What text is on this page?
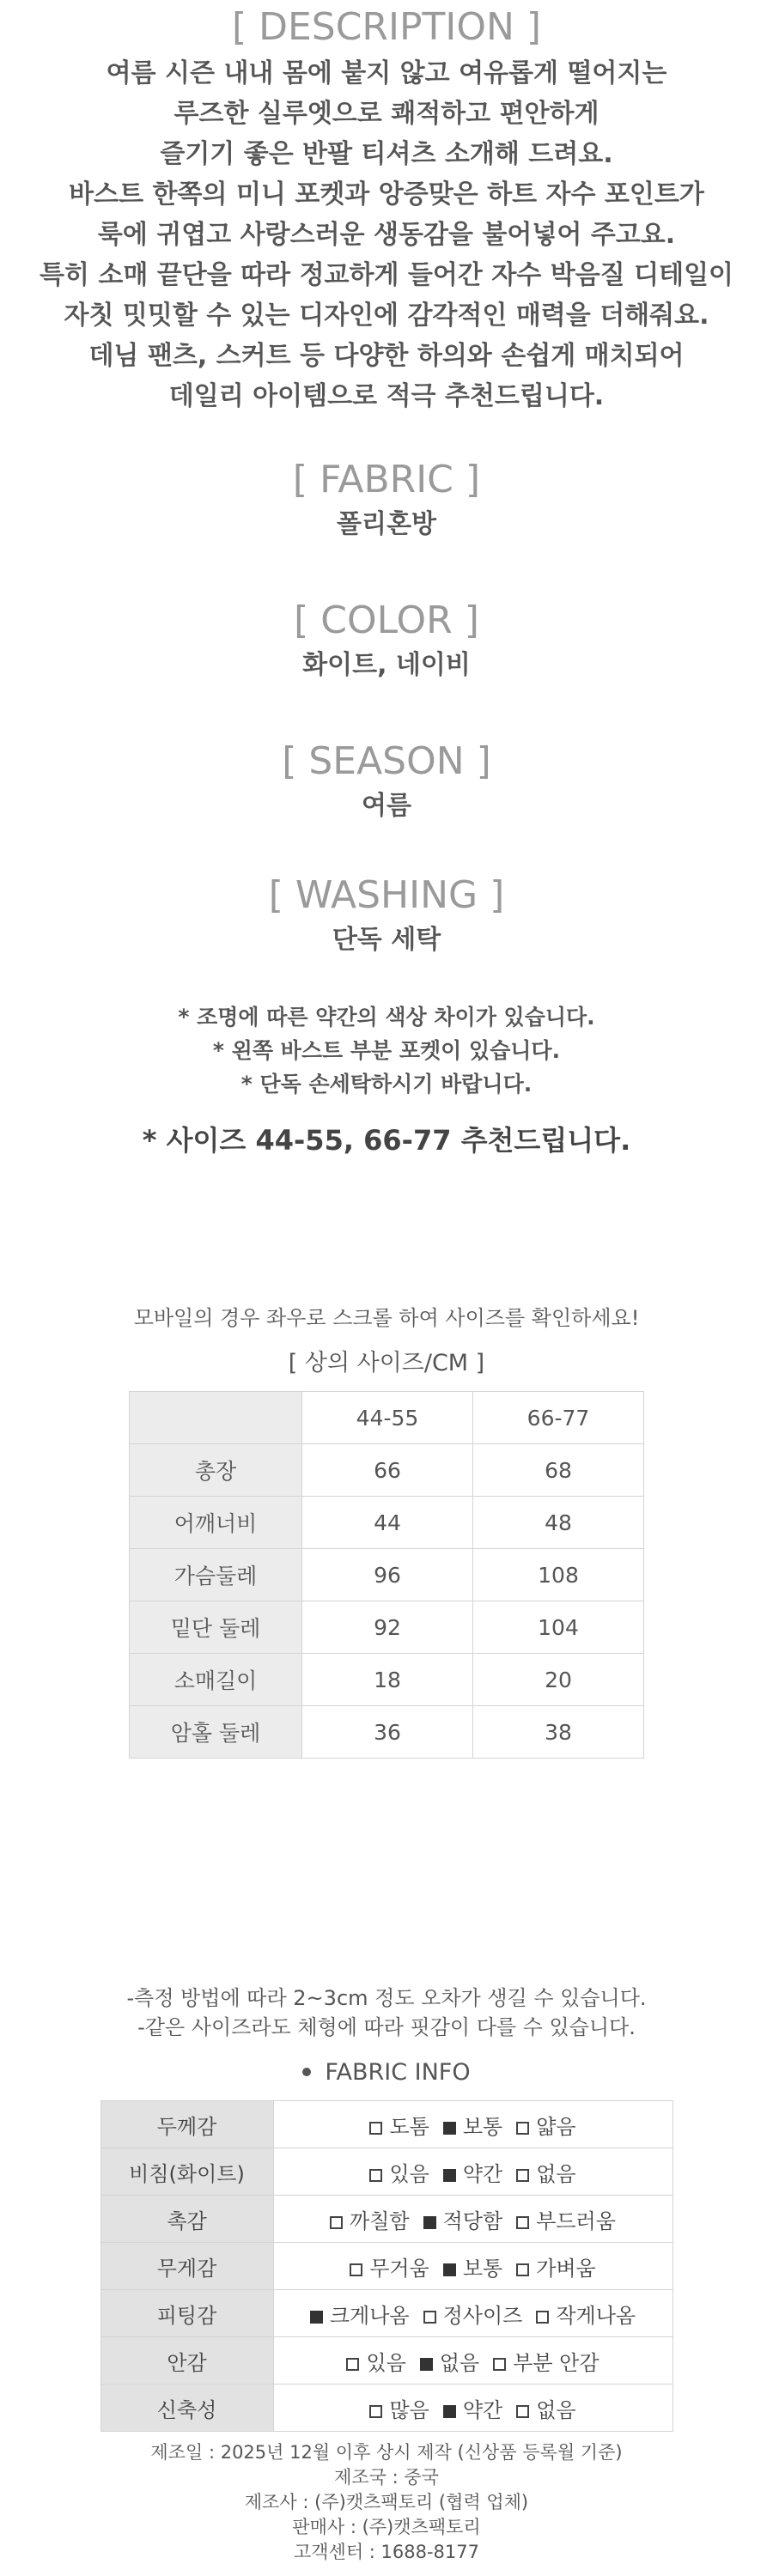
[ DESCRIPTION ]

여름 시즌 내내 몸에 붙지 않고 여유롭게 떨어지는

루즈한 실루엣으로 쾌적하고 편안하게

즐기기 좋은 반팔 티셔츠 소개해 드려요.

바스트 한쪽의 미니 포켓과 앙증맞은 하트 자수 포인트가

룩에 귀엽고 사랑스러운 생동감을 불어넣어 주고요.

특히 소매 끝단을 따라 정교하게 들어간 자수 박음질 디테일이

자칫 밋밋할 수 있는 디자인에 감각적인 매력을 더해줘요.

데님 팬츠, 스커트 등 다양한 하의와 손쉽게 매치되어

데일리 아이템으로 적극 추천드립니다.

[ FABRIC ]

폴리혼방

[ COLOR ]

화이트, 네이비

[ SEASON ]

여름

[ WASHING ]

단독 세탁

* 조명에 따른 약간의 색상 차이가 있습니다.

* 왼쪽 바스트 부분 포켓이 있습니다.

* 단독 손세탁하시기 바랍니다.

* 사이즈 44-55, 66-77 추천드립니다.

모바일의 경우 좌우로 스크롤 하여 사이즈를 확인하세요!

[ 상의 사이즈/CM ]

	44-55	66-77
총장	66	68
어깨너비	44	48
가슴둘레	96	108
밑단 둘레	92	104
소매길이	18	20
암홀 둘레	36	38

-측정 방법에 따라 2~3cm 정도 오차가 생길 수 있습니다.

-같은 사이즈라도 체형에 따라 핏감이 다를 수 있습니다.

FABRIC INFO

두께감	도톰 보통 얇음
비침(화이트)	있음 약간 없음
촉감	까칠함 적당함 부드러움
무게감	무거움 보통 가벼움
피팅감	크게나옴 정사이즈 작게나옴
안감	있음 없음 부분 안감
신축성	많음 약간 없음

제조일 : 2025년 12월 이후 상시 제작 (신상품 등록월 기준)

제조국 : 중국

제조사 : (주)캣츠팩토리 (협력 업체)

판매사 : (주)캣츠팩토리

고객센터 : 1688-8177
